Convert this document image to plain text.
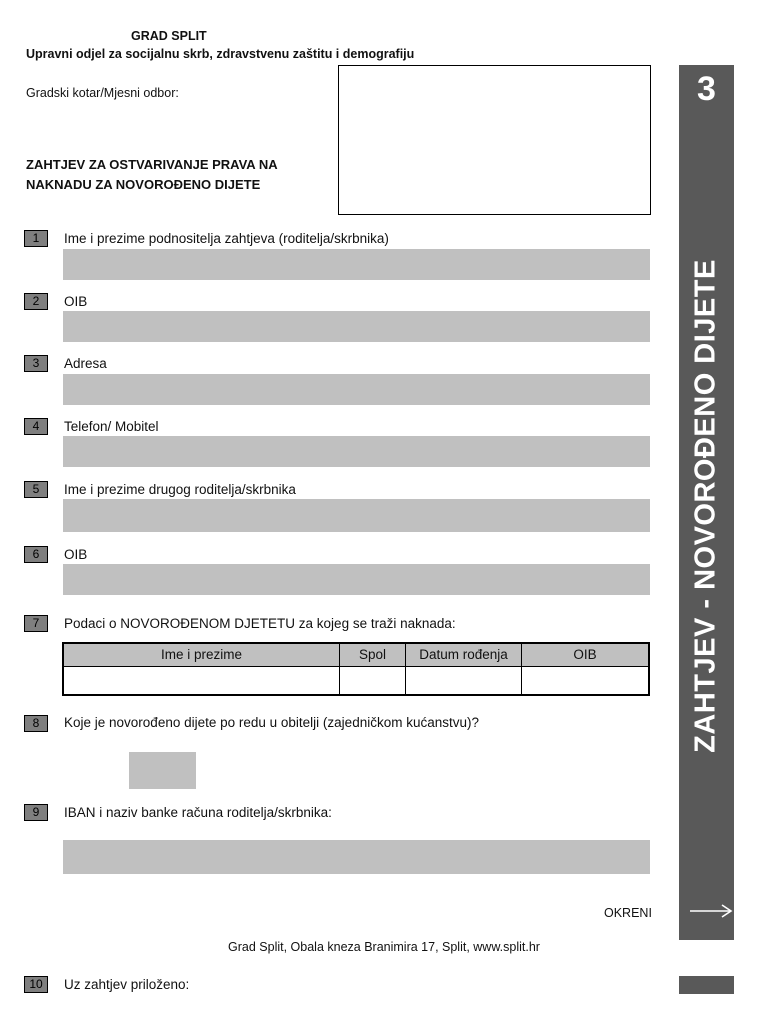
GRAD SPLIT
Upravni odjel za socijalnu skrb, zdravstvenu zaštitu i demografiju
Gradski kotar/Mjesni odbor:
ZAHTJEV ZA OSTVARIVANJE PRAVA NA
NAKNADU ZA NOVOROĐENO DIJETE
1	Ime i prezime podnositelja zahtjeva (roditelja/skrbnika)
2	OIB
3	Adresa
4	Telefon/ Mobitel
5	Ime i prezime drugog roditelja/skrbnika
6	OIB
7	Podaci o NOVOROĐENOM DJETETU za kojeg se traži naknada:
Ime i prezime	Spol	Datum rođenja	OIB
8	Koje je novorođeno dijete po redu u obitelji (zajedničkom kućanstvu)?
9	IBAN i naziv banke računa roditelja/skrbnika:
3
ZAHTJEV - NOVOROĐENO DIJETE
OKRENI
Grad Split, Obala kneza Branimira 17, Split, www.split.hr
10	Uz zahtjev priloženo:
